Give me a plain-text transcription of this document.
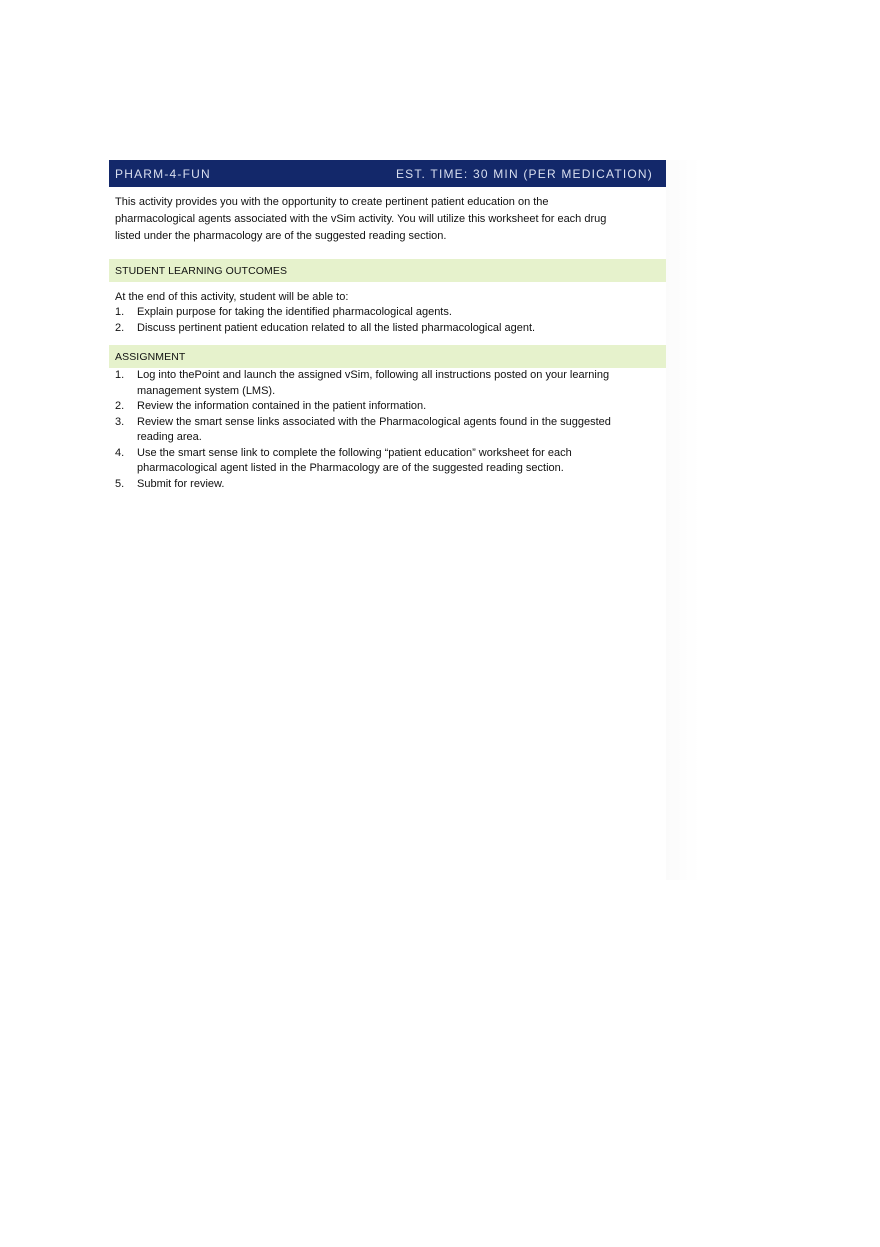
PHARM-4-FUN	EST. TIME: 30 MIN (PER MEDICATION)

This activity provides you with the opportunity to create pertinent patient education on the pharmacological agents associated with the vSim activity. You will utilize this worksheet for each drug listed under the pharmacology are of the suggested reading section.

STUDENT LEARNING OUTCOMES

At the end of this activity, student will be able to:

1.	Explain purpose for taking the identified pharmacological agents.
2.	Discuss pertinent patient education related to all the listed pharmacological agent.
ASSIGNMENT
1.	Log into thePoint and launch the assigned vSim, following all instructions posted on your learning management system (LMS).
2.	Review the information contained in the patient information.
3.	Review the smart sense links associated with the Pharmacological agents found in the suggested reading area.
4.	Use the smart sense link to complete the following “patient education” worksheet for each pharmacological agent listed in the Pharmacology are of the suggested reading section.
5.	Submit for review.
